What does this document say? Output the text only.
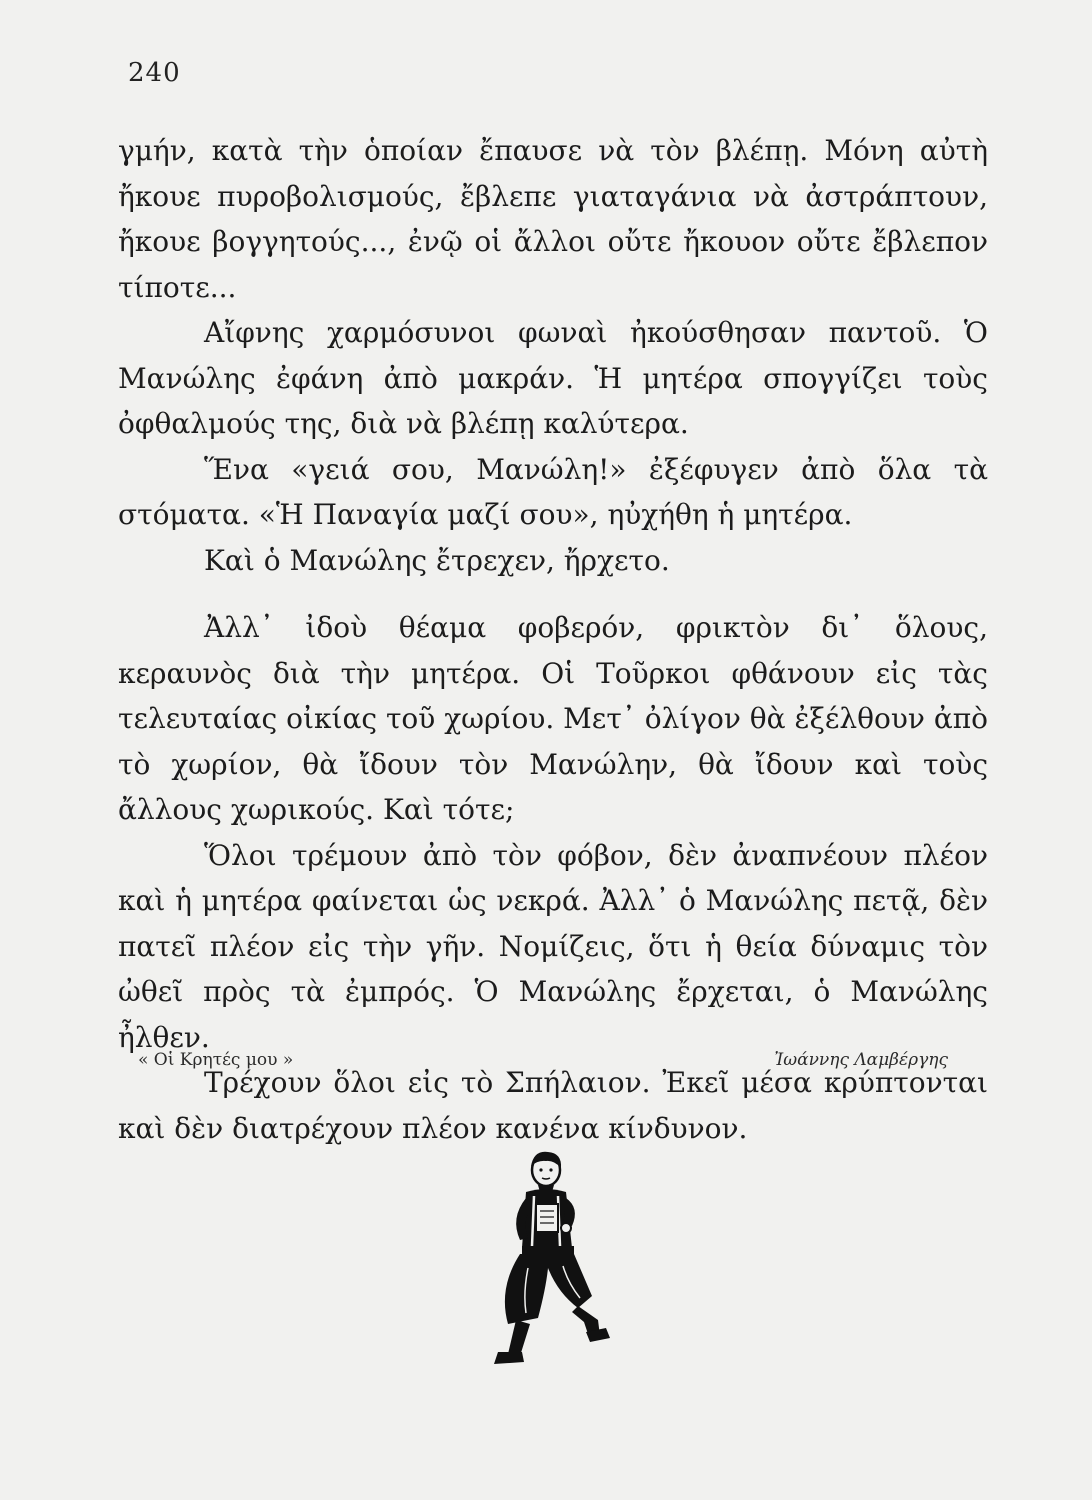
240

γμήν, κατὰ τὴν ὁποίαν ἔπαυσε νὰ τὸν βλέπῃ. Μόνη αὐτὴ ἤκουε πυροβολισμούς, ἔβλεπε γιαταγάνια νὰ ἀστράπτουν, ἤκουε βογγητούς..., ἐνῷ οἱ ἄλλοι οὔτε ἤκουον οὔτε ἔβλεπον τίποτε...

Αἴφνης χαρμόσυνοι φωναὶ ἠκούσθησαν παντοῦ. Ὁ Μανώλης ἐφάνη ἀπὸ μακράν. Ἡ μητέρα σπογγίζει τοὺς ὀφθαλμούς της, διὰ νὰ βλέπῃ καλύτερα.

Ἕνα «γειά σου, Μανώλη!» ἐξέφυγεν ἀπὸ ὅλα τὰ στόματα. «Ἡ Παναγία μαζί σου», ηὐχήθη ἡ μητέρα.

Καὶ ὁ Μανώλης ἔτρεχεν, ἤρχετο.

Ἀλλ᾽ ἰδοὺ θέαμα φοβερόν, φρικτὸν δι᾽ ὅλους, κεραυνὸς διὰ τὴν μητέρα. Οἱ Τοῦρκοι φθάνουν εἰς τὰς τελευταίας οἰκίας τοῦ χωρίου. Μετ᾽ ὀλίγον θὰ ἐξέλθουν ἀπὸ τὸ χωρίον, θὰ ἴδουν τὸν Μανώλην, θὰ ἴδουν καὶ τοὺς ἄλλους χωρικούς. Καὶ τότε;

Ὅλοι τρέμουν ἀπὸ τὸν φόβον, δὲν ἀναπνέουν πλέον καὶ ἡ μητέρα φαίνεται ὡς νεκρά. Ἀλλ᾽ ὁ Μανώλης πετᾷ, δὲν πατεῖ πλέον εἰς τὴν γῆν. Νομίζεις, ὅτι ἡ θεία δύναμις τὸν ὠθεῖ πρὸς τὰ ἐμπρός. Ὁ Μανώλης ἔρχεται, ὁ Μανώλης ἦλθεν.

Τρέχουν ὅλοι εἰς τὸ Σπήλαιον. Ἐκεῖ μέσα κρύπτονται καὶ δὲν διατρέχουν πλέον κανένα κίνδυνον.

« Οἱ Κρητές μου »	Ἰωάννης Λαμβέργης
